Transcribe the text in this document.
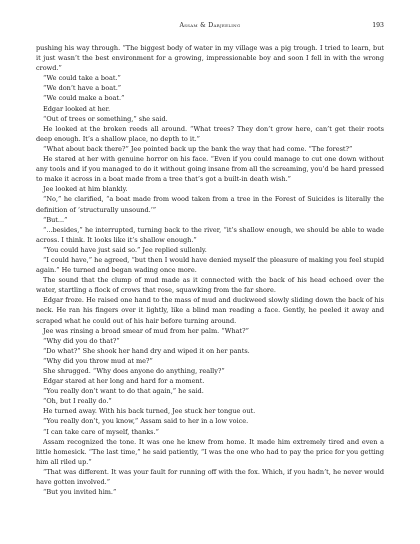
Assam & Darjeeling	193

pushing his way through. “The biggest body of water in my village was a pig trough. I tried to learn, but it just wasn’t the best environment for a growing, impressionable boy and soon I fell in with the wrong crowd.”

“We could take a boat.”

“We don’t have a boat.”

“We could make a boat.”

Edgar looked at her.

“Out of trees or something,” she said.

He looked at the broken reeds all around. “What trees? They don’t grow here, can’t get their roots deep enough. It’s a shallow place, no depth to it.”

“What about back there?” Jee pointed back up the bank the way that had come. “The forest?”

He stared at her with genuine horror on his face. “Even if you could manage to cut one down without any tools and if you managed to do it without going insane from all the screaming, you’d be hard pressed to make it across in a boat made from a tree that’s got a built-in death wish.”

Jee looked at him blankly.

“No,” he clarified, “a boat made from wood taken from a tree in the Forest of Suicides is literally the definition of ‘structurally unsound.’”

“But...”

“...besides,” he interrupted, turning back to the river, “it’s shallow enough, we should be able to wade across. I think. It looks like it’s shallow enough.”

“You could have just said so.” Jee replied sullenly.

“I could have,” he agreed, “but then I would have denied myself the pleasure of making you feel stupid again.” He turned and began wading once more.

The sound that the clump of mud made as it connected with the back of his head echoed over the water, startling a flock of crows that rose, squawking from the far shore.

Edgar froze. He raised one hand to the mass of mud and duckweed slowly sliding down the back of his neck. He ran his fingers over it lightly, like a blind man reading a face. Gently, he peeled it away and scraped what he could out of his hair before turning around.

Jee was rinsing a broad smear of mud from her palm. “What?”

“Why did you do that?”

“Do what?” She shook her hand dry and wiped it on her pants.

“Why did you throw mud at me?”

She shrugged. “Why does anyone do anything, really?”

Edgar stared at her long and hard for a moment.

“You really don’t want to do that again,” he said.

“Oh, but I really do.”

He turned away. With his back turned, Jee stuck her tongue out.

“You really don’t, you know,” Assam said to her in a low voice.

“I can take care of myself, thanks.”

Assam recognized the tone. It was one he knew from home. It made him extremely tired and even a little homesick. “The last time,” he said patiently, “I was the one who had to pay the price for you getting him all riled up.”

“That was different. It was your fault for running off with the fox. Which, if you hadn’t, he never would have gotten involved.”

“But you invited him.”
